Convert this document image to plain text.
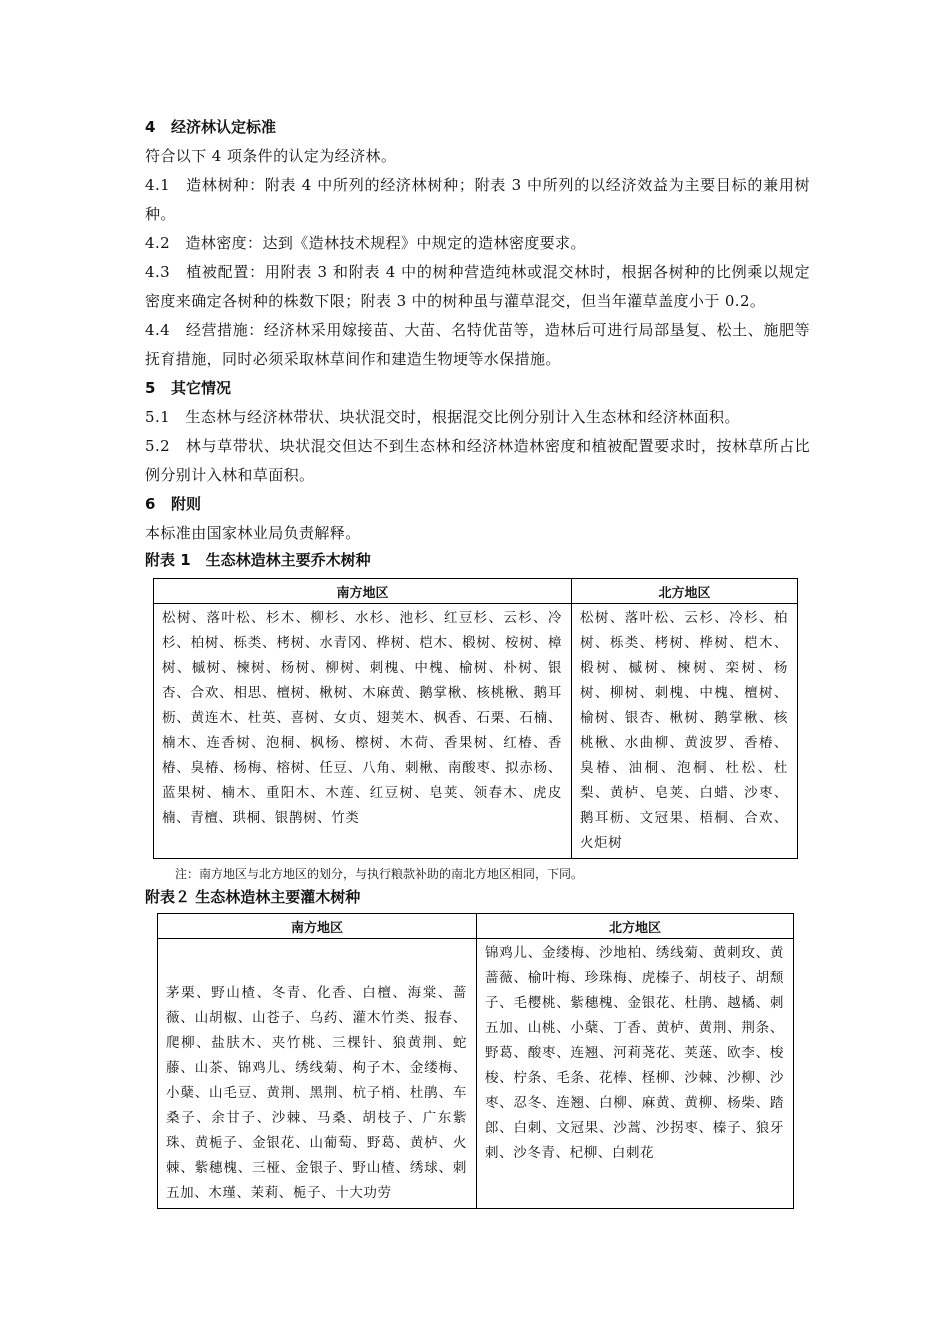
4 经济林认定标准

符合以下 4 项条件的认定为经济林。

4.1　造林树种：附表 4 中所列的经济林树种；附表 3 中所列的以经济效益为主要目标的兼用树种。

4.2　造林密度：达到《造林技术规程》中规定的造林密度要求。

4.3　植被配置：用附表 3 和附表 4 中的树种营造纯林或混交林时，根据各树种的比例乘以规定密度来确定各树种的株数下限；附表 3 中的树种虽与灌草混交，但当年灌草盖度小于 0.2。

4.4　经营措施：经济林采用嫁接苗、大苗、名特优苗等，造林后可进行局部垦复、松土、施肥等抚育措施，同时必须采取林草间作和建造生物埂等水保措施。

5 其它情况

5.1　生态林与经济林带状、块状混交时，根据混交比例分别计入生态林和经济林面积。

5.2　林与草带状、块状混交但达不到生态林和经济林造林密度和植被配置要求时，按林草所占比例分别计入林和草面积。

6 附则

本标准由国家林业局负责解释。

附表 1　生态林造林主要乔木树种

南方地区	北方地区
松树、落叶松、杉木、柳杉、水杉、池杉、红豆杉、云杉、冷杉、柏树、栎类、栲树、水青冈、桦树、桤木、椴树、桉树、樟树、槭树、楝树、杨树、柳树、刺槐、中槐、榆树、朴树、银杏、合欢、相思、檀树、楸树、木麻黄、鹅掌楸、核桃楸、鹅耳枥、黄连木、杜英、喜树、女贞、翅荚木、枫香、石栗、石楠、楠木、连香树、泡桐、枫杨、檫树、木荷、香果树、红椿、香椿、臭椿、杨梅、榕树、任豆、八角、刺楸、南酸枣、拟赤杨、蓝果树、楠木、重阳木、木莲、红豆树、皂荚、领春木、虎皮楠、青檀、珙桐、银鹊树、竹类	松树、落叶松、云杉、冷杉、柏树、栎类、栲树、桦树、桤木、椴树、槭树、楝树、栾树、杨树、柳树、刺槐、中槐、檀树、榆树、银杏、楸树、鹅掌楸、核桃楸、水曲柳、黄波罗、香椿、臭椿、油桐、泡桐、杜松、杜梨、黄栌、皂荚、白蜡、沙枣、鹅耳枥、文冠果、梧桐、合欢、火炬树

注：南方地区与北方地区的划分，与执行粮款补助的南北方地区相同，下同。

附表２ 生态林造林主要灌木树种

南方地区	北方地区
茅栗、野山楂、冬青、化香、白檀、海棠、蔷薇、山胡椒、山苍子、乌药、灌木竹类、报春、爬柳、盐肤木、夹竹桃、三棵针、狼黄荆、蛇藤、山茶、锦鸡儿、绣线菊、枸子木、金缕梅、小蘖、山毛豆、黄荆、黑荆、杭子梢、杜鹃、车桑子、余甘子、沙棘、马桑、胡枝子、广东紫珠、黄栀子、金银花、山葡萄、野葛、黄栌、火棘、紫穗槐、三桠、金银子、野山楂、绣球、刺五加、木瑾、茉莉、栀子、十大功劳	锦鸡儿、金缕梅、沙地柏、绣线菊、黄刺玫、黄蔷薇、榆叶梅、珍珠梅、虎榛子、胡枝子、胡颓子、毛樱桃、紫穗槐、金银花、杜鹃、越橘、刺五加、山桃、小蘖、丁香、黄栌、黄荆、荆条、野葛、酸枣、连翘、河莉荛花、荚蒾、欧李、梭梭、柠条、毛条、花棒、柽柳、沙棘、沙柳、沙枣、忍冬、连翘、白柳、麻黄、黄柳、杨柴、踏郎、白刺、文冠果、沙蒿、沙拐枣、榛子、狼牙刺、沙冬青、杞柳、白刺花
